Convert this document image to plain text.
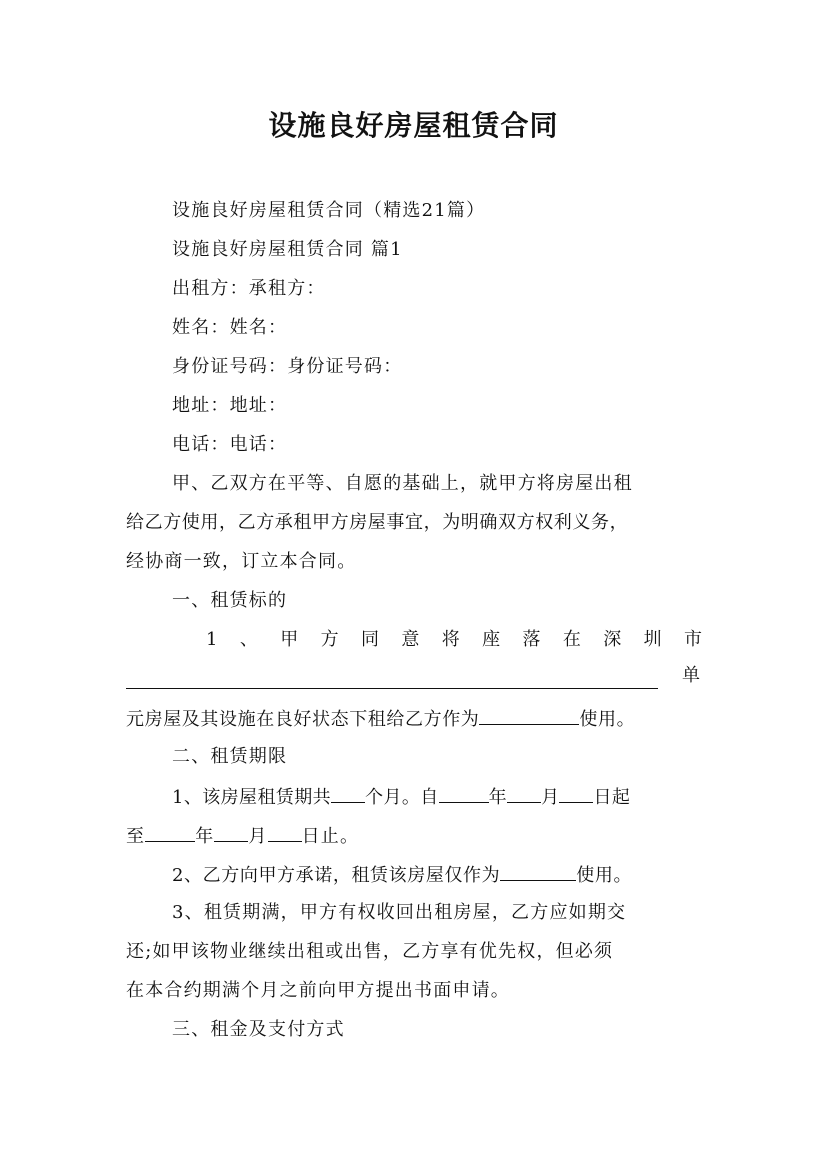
设施良好房屋租赁合同
设施良好房屋租赁合同（精选21篇）
设施良好房屋租赁合同 篇1
出租方：承租方：
姓名：姓名：
身份证号码：身份证号码：
地址：地址：
电话：电话：
甲、乙双方在平等、自愿的基础上，就甲方将房屋出租
给乙方使用，乙方承租甲方房屋事宜，为明确双方权利义务，
经协商一致，订立本合同。
一、租赁标的
1 、 甲 方 同 意 将 座 落 在 深 圳 市
单
元房屋及其设施在良好状态下租给乙方作为	使用。
二、租赁期限
1、该房屋租赁期共 个月。自	年 月 日起
至	年 月 日止。
2、乙方向甲方承诺，租赁该房屋仅作为	使用。
3、租赁期满，甲方有权收回出租房屋，乙方应如期交
还;如甲该物业继续出租或出售，乙方享有优先权，但必须
在本合约期满个月之前向甲方提出书面申请。
三、租金及支付方式
